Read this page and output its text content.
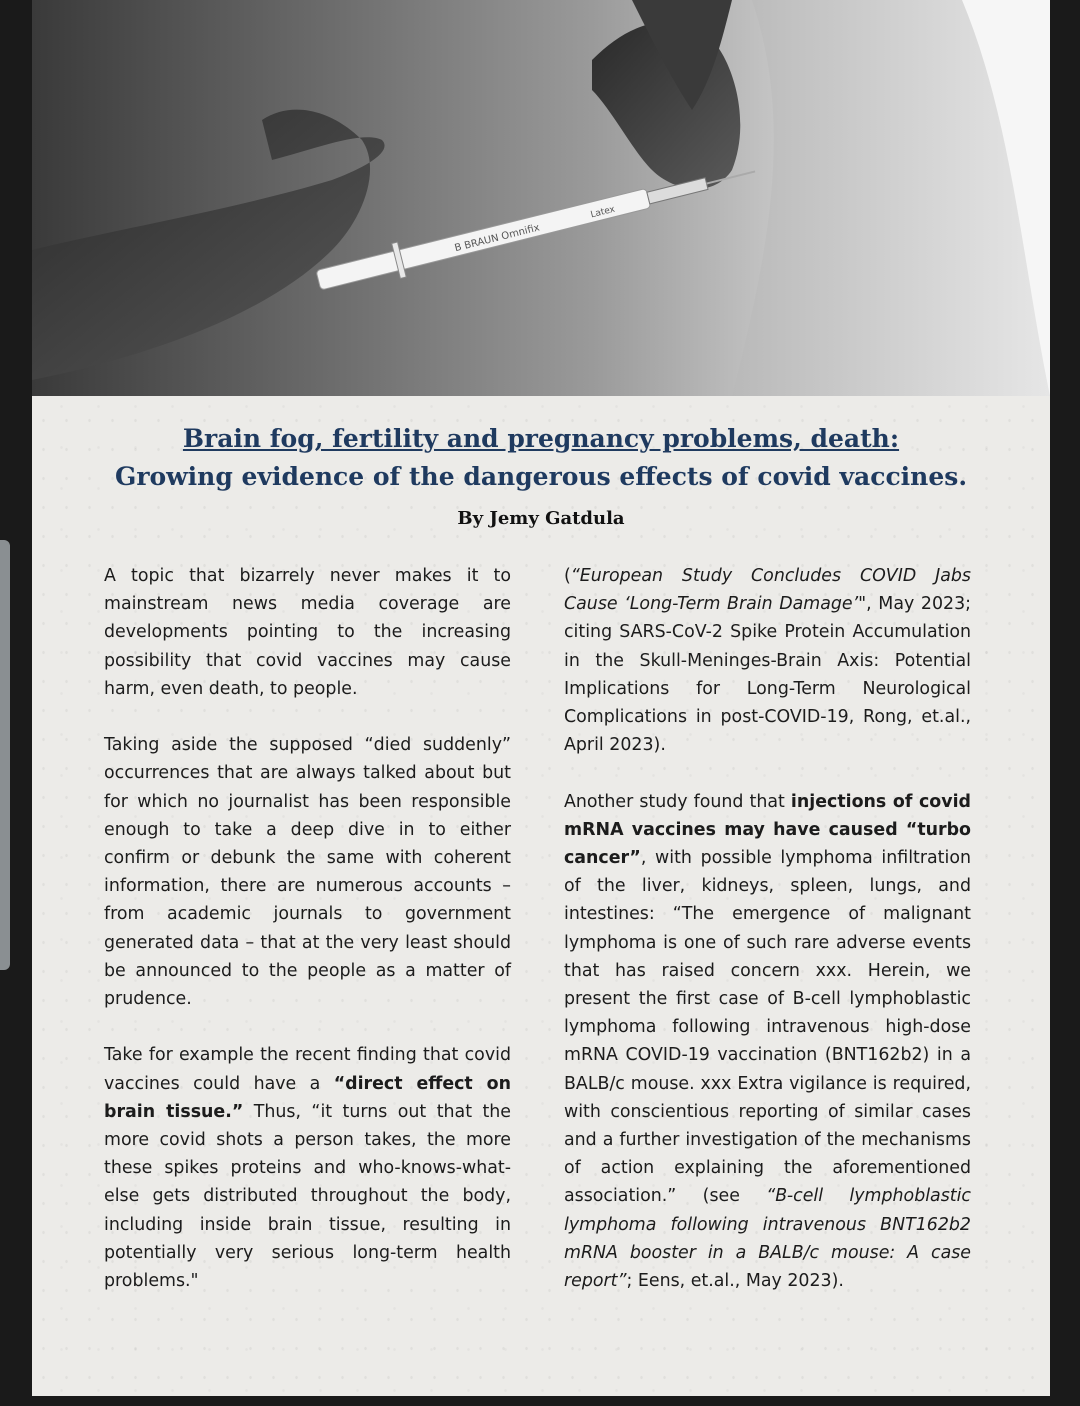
B BRAUN Omnifix
Latex
Brain fog, fertility and pregnancy problems, death:
Growing evidence of the dangerous effects of covid vaccines.
By Jemy Gatdula

A topic that bizarrely never makes it to mainstream news media coverage are developments pointing to the increasing possibility that covid vaccines may cause harm, even death, to people.

Taking aside the supposed “died suddenly” occurrences that are always talked about but for which no journalist has been responsible enough to take a deep dive in to either confirm or debunk the same with coherent information, there are numerous accounts – from academic journals to government generated data – that at the very least should be announced to the people as a matter of prudence.

Take for example the recent finding that covid vaccines could have a “direct effect on brain tissue.” Thus, “it turns out that the more covid shots a person takes, the more these spikes proteins and who-knows-what-else gets distributed throughout the body, including inside brain tissue, resulting in potentially very serious long-term health problems."

(“European Study Concludes COVID Jabs Cause ‘Long-Term Brain Damage’", May 2023; citing SARS-CoV-2 Spike Protein Accumulation in the Skull-Meninges-Brain Axis: Potential Implications for Long-Term Neurological Complications in post-COVID-19, Rong, et.al., April 2023).

Another study found that injections of covid mRNA vaccines may have caused “turbo cancer”, with possible lymphoma infiltration of the liver, kidneys, spleen, lungs, and intestines: “The emergence of malignant lymphoma is one of such rare adverse events that has raised concern xxx. Herein, we present the first case of B-cell lymphoblastic lymphoma following intravenous high-dose mRNA COVID-19 vaccination (BNT162b2) in a BALB/c mouse. xxx Extra vigilance is required, with conscientious reporting of similar cases and a further investigation of the mechanisms of action explaining the aforementioned association.” (see “B-cell lymphoblastic lymphoma following intravenous BNT162b2 mRNA booster in a BALB/c mouse: A case report”; Eens, et.al., May 2023).
